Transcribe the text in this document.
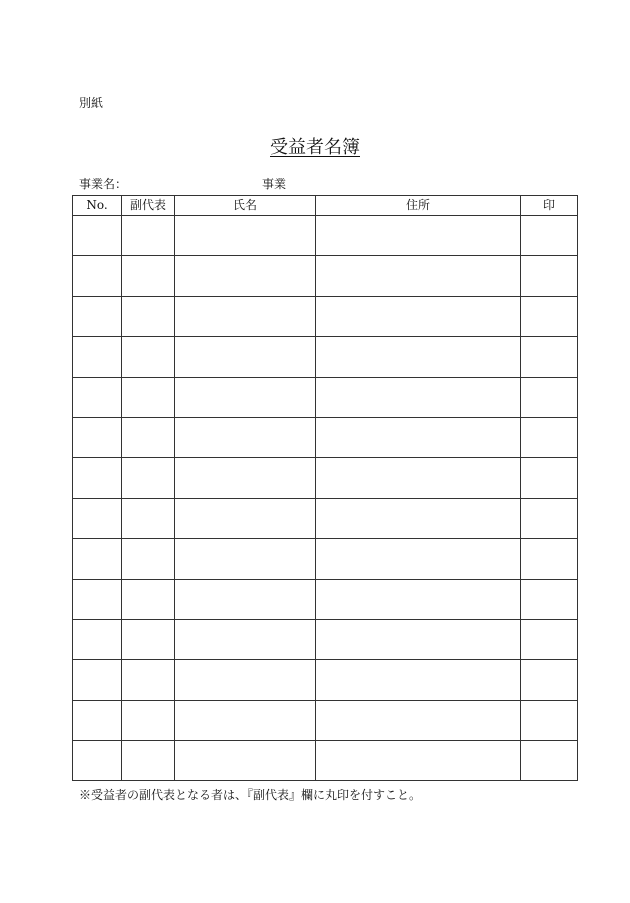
別紙
受益者名簿
事業名：	事業
No.	副代表	氏名	住所	印

※受益者の副代表となる者は、『副代表』欄に丸印を付すこと。
